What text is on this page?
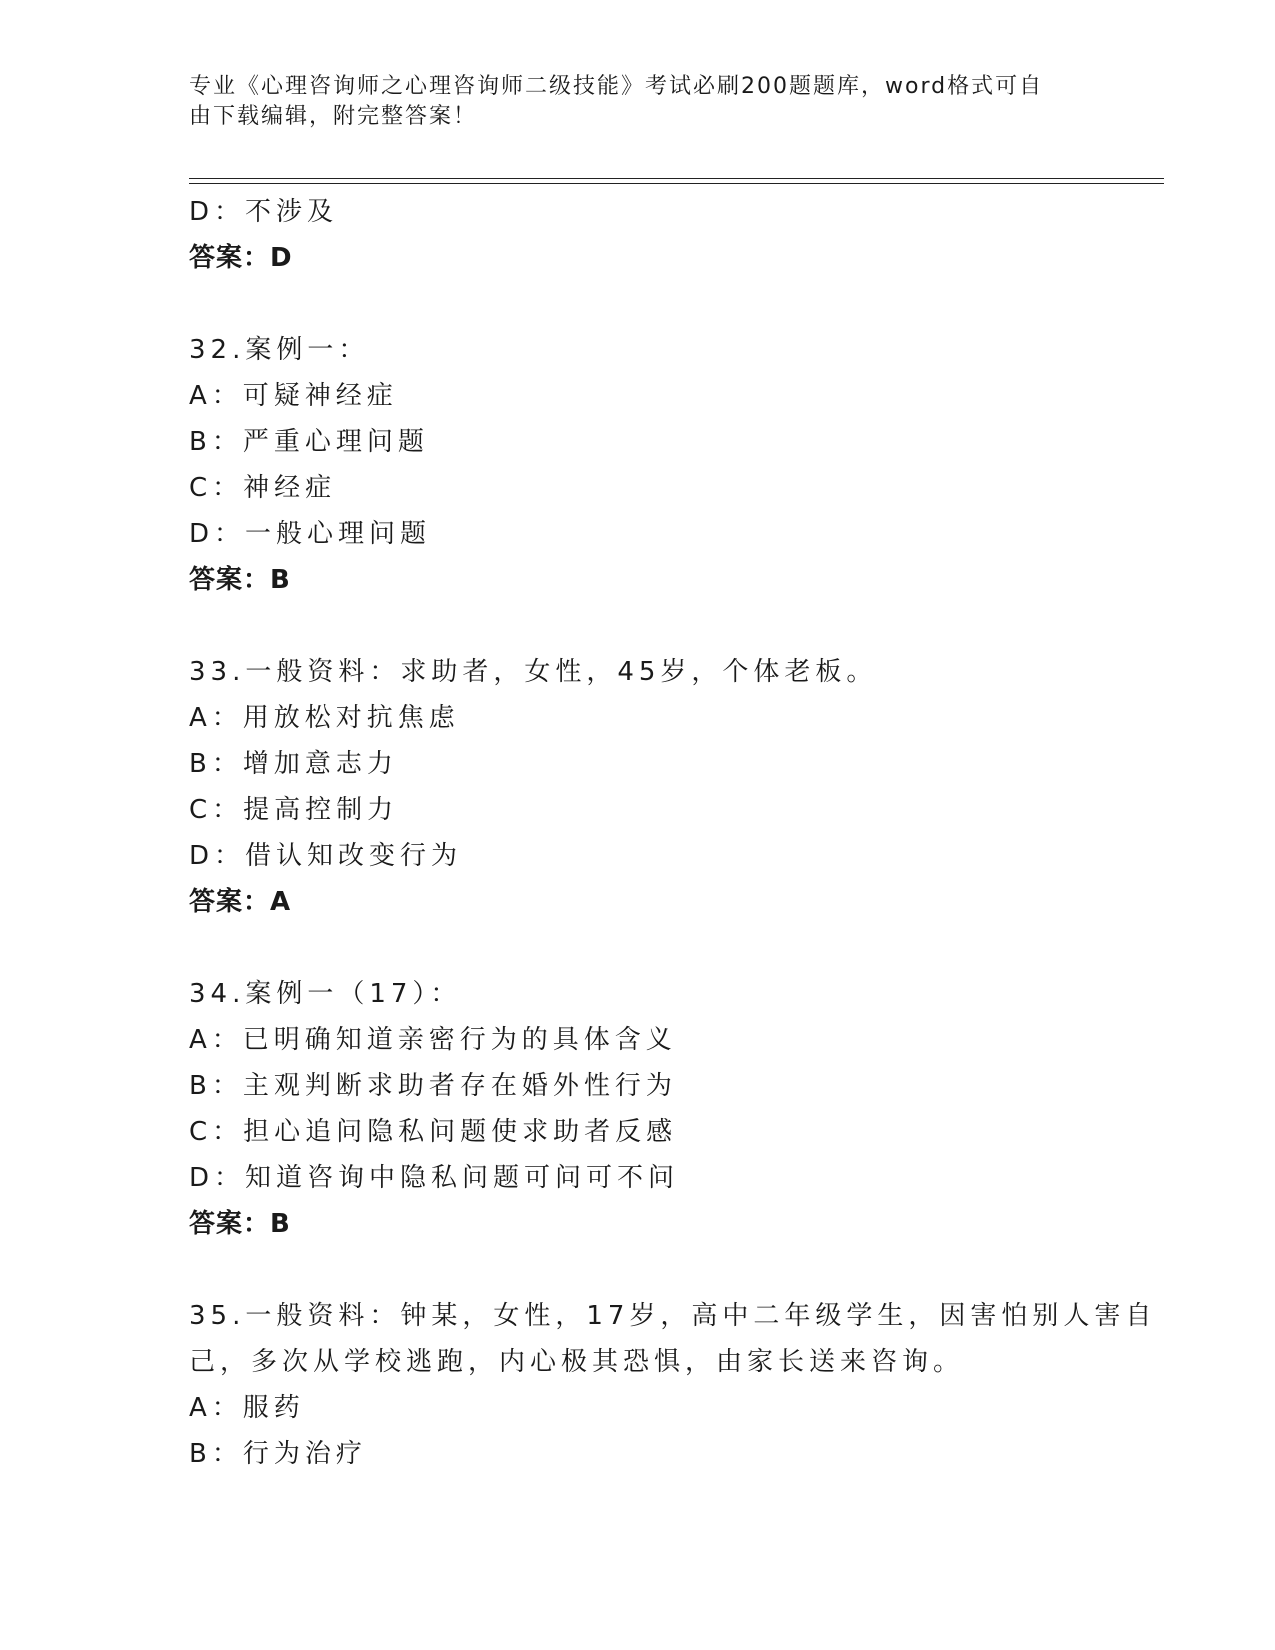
专业《心理咨询师之心理咨询师二级技能》考试必刷200题题库，word格式可自
由下载编辑，附完整答案！
D：不涉及
答案：D
32.案例一：
A：可疑神经症
B：严重心理问题
C：神经症
D：一般心理问题
答案：B
33.一般资料：求助者，女性，45岁，个体老板。
A：用放松对抗焦虑
B：增加意志力
C：提高控制力
D：借认知改变行为
答案：A
34.案例一（17）：
A：已明确知道亲密行为的具体含义
B：主观判断求助者存在婚外性行为
C：担心追问隐私问题使求助者反感
D：知道咨询中隐私问题可问可不问
答案：B
35.一般资料：钟某，女性，17岁，高中二年级学生，因害怕别人害自
己，多次从学校逃跑，内心极其恐惧，由家长送来咨询。
A：服药
B：行为治疗
